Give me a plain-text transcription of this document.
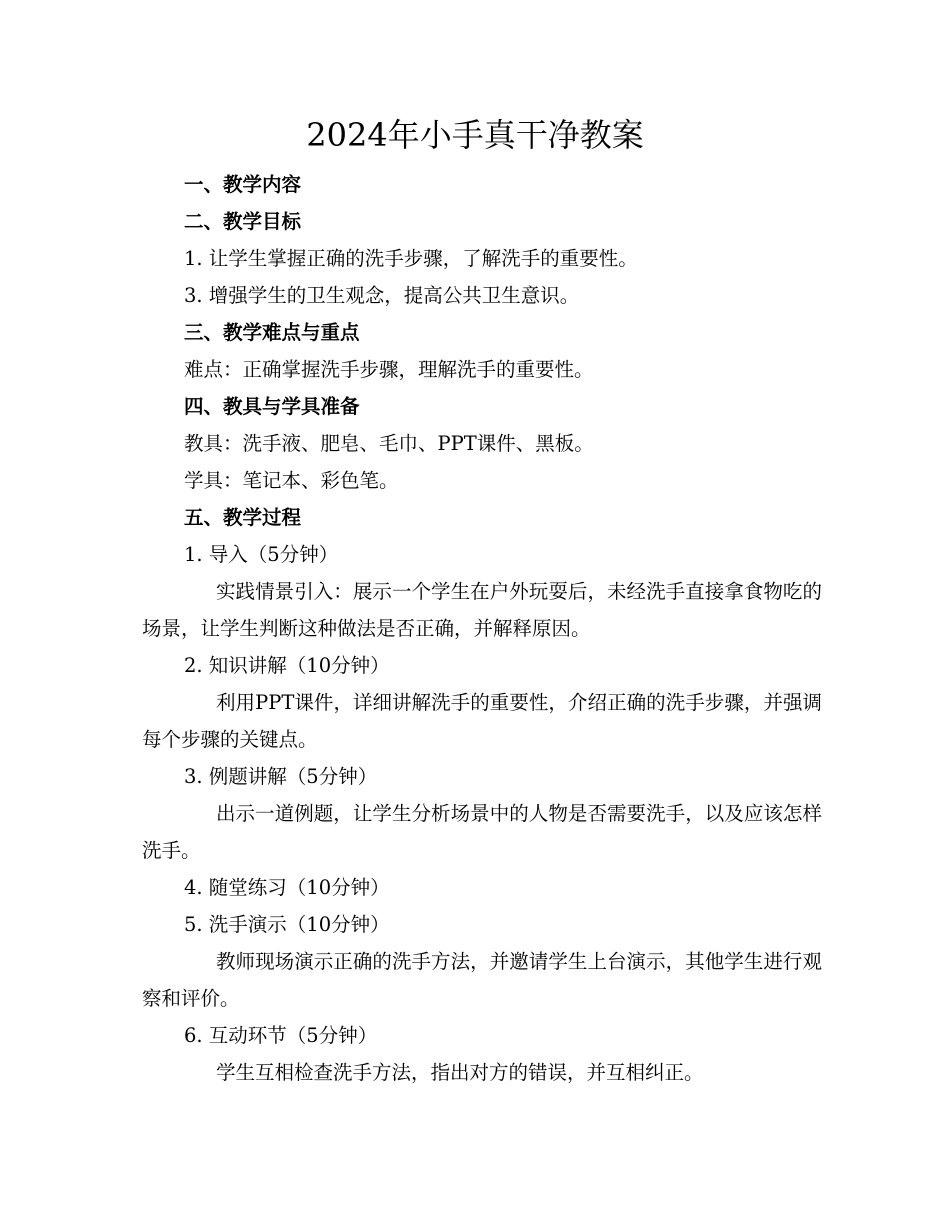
2024年小手真干净教案
一、教学内容
二、教学目标
1. 让学生掌握正确的洗手步骤，了解洗手的重要性。
3. 增强学生的卫生观念，提高公共卫生意识。
三、教学难点与重点
难点：正确掌握洗手步骤，理解洗手的重要性。
四、教具与学具准备
教具：洗手液、肥皂、毛巾、PPT课件、黑板。
学具：笔记本、彩色笔。
五、教学过程
1. 导入（5分钟）
实践情景引入：展示一个学生在户外玩耍后，未经洗手直接拿食物吃的场景，让学生判断这种做法是否正确，并解释原因。
2. 知识讲解（10分钟）
利用PPT课件，详细讲解洗手的重要性，介绍正确的洗手步骤，并强调每个步骤的关键点。
3. 例题讲解（5分钟）
出示一道例题，让学生分析场景中的人物是否需要洗手，以及应该怎样洗手。
4. 随堂练习（10分钟）
5. 洗手演示（10分钟）
教师现场演示正确的洗手方法，并邀请学生上台演示，其他学生进行观察和评价。
6. 互动环节（5分钟）
学生互相检查洗手方法，指出对方的错误，并互相纠正。
